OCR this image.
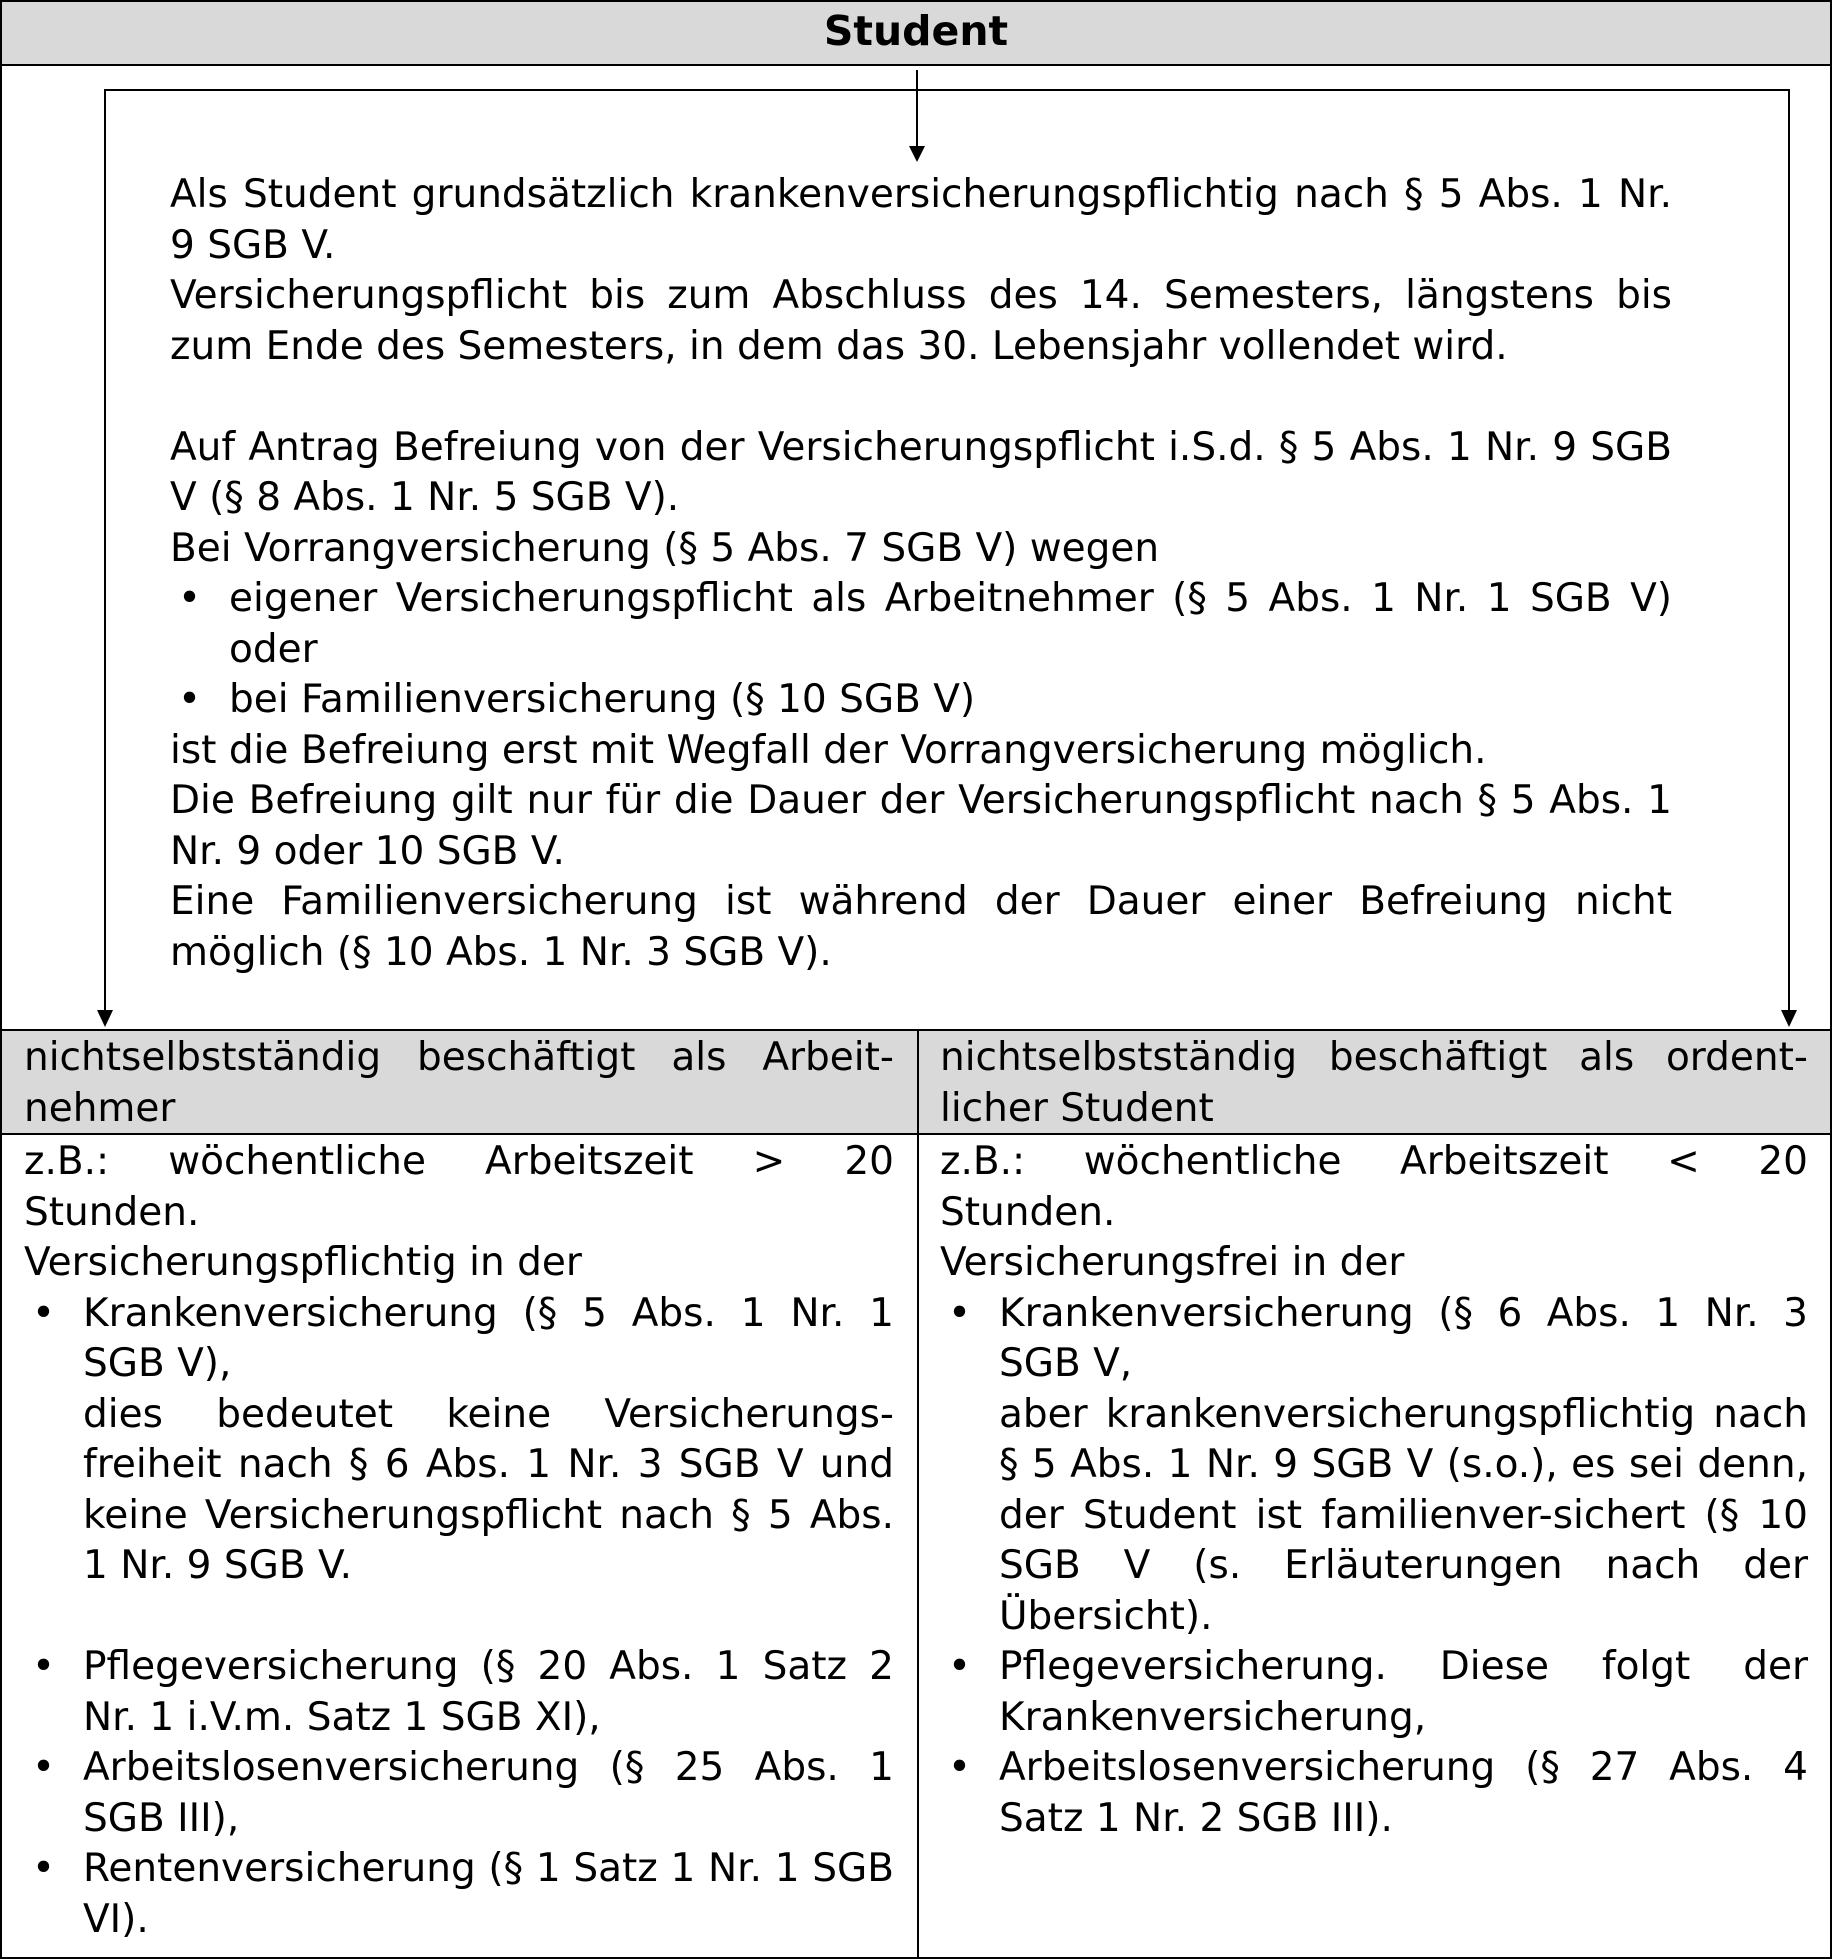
Student

Als Student grundsätzlich krankenversicherungspflichtig nach § 5 Abs. 1 Nr. 9 SGB V.

Versicherungspflicht bis zum Abschluss des 14. Semesters, längstens bis zum Ende des Semesters, in dem das 30. Lebensjahr vollendet wird.

Auf Antrag Befreiung von der Versicherungspflicht i.S.d. § 5 Abs. 1 Nr. 9 SGB V (§ 8 Abs. 1 Nr. 5 SGB V).

Bei Vorrangversicherung (§ 5 Abs. 7 SGB V) wegen

• eigener Versicherungspflicht als Arbeitnehmer (§ 5 Abs. 1 Nr. 1 SGB V) oder
• bei Familienversicherung (§ 10 SGB V)

ist die Befreiung erst mit Wegfall der Vorrangversicherung möglich.

Die Befreiung gilt nur für die Dauer der Versicherungspflicht nach § 5 Abs. 1 Nr. 9 oder 10 SGB V.

Eine Familienversicherung ist während der Dauer einer Befreiung nicht möglich (§ 10 Abs. 1 Nr. 3 SGB V).

nichtselbstständig beschäftigt als Arbeit-nehmer
nichtselbstständig beschäftigt als ordent-licher Student

z.B.: wöchentliche Arbeitszeit > 20 Stunden.

Versicherungspflichtig in der

• Krankenversicherung (§ 5 Abs. 1 Nr. 1 SGB V),

dies bedeutet keine Versicherungs-freiheit nach § 6 Abs. 1 Nr. 3 SGB V und keine Versicherungspflicht nach § 5 Abs. 1 Nr. 9 SGB V.

• Pflegeversicherung (§ 20 Abs. 1 Satz 2 Nr. 1 i.V.m. Satz 1 SGB XI),
• Arbeitslosenversicherung (§ 25 Abs. 1 SGB III),
• Rentenversicherung (§ 1 Satz 1 Nr. 1 SGB VI).

z.B.: wöchentliche Arbeitszeit < 20 Stunden.

Versicherungsfrei in der

• Krankenversicherung (§ 6 Abs. 1 Nr. 3 SGB V,

aber krankenversicherungspflichtig nach § 5 Abs. 1 Nr. 9 SGB V (s.o.), es sei denn, der Student ist familienver-sichert (§ 10 SGB V (s. Erläuterungen nach der Übersicht).

• Pflegeversicherung. Diese folgt der Krankenversicherung,
• Arbeitslosenversicherung (§ 27 Abs. 4 Satz 1 Nr. 2 SGB III).
